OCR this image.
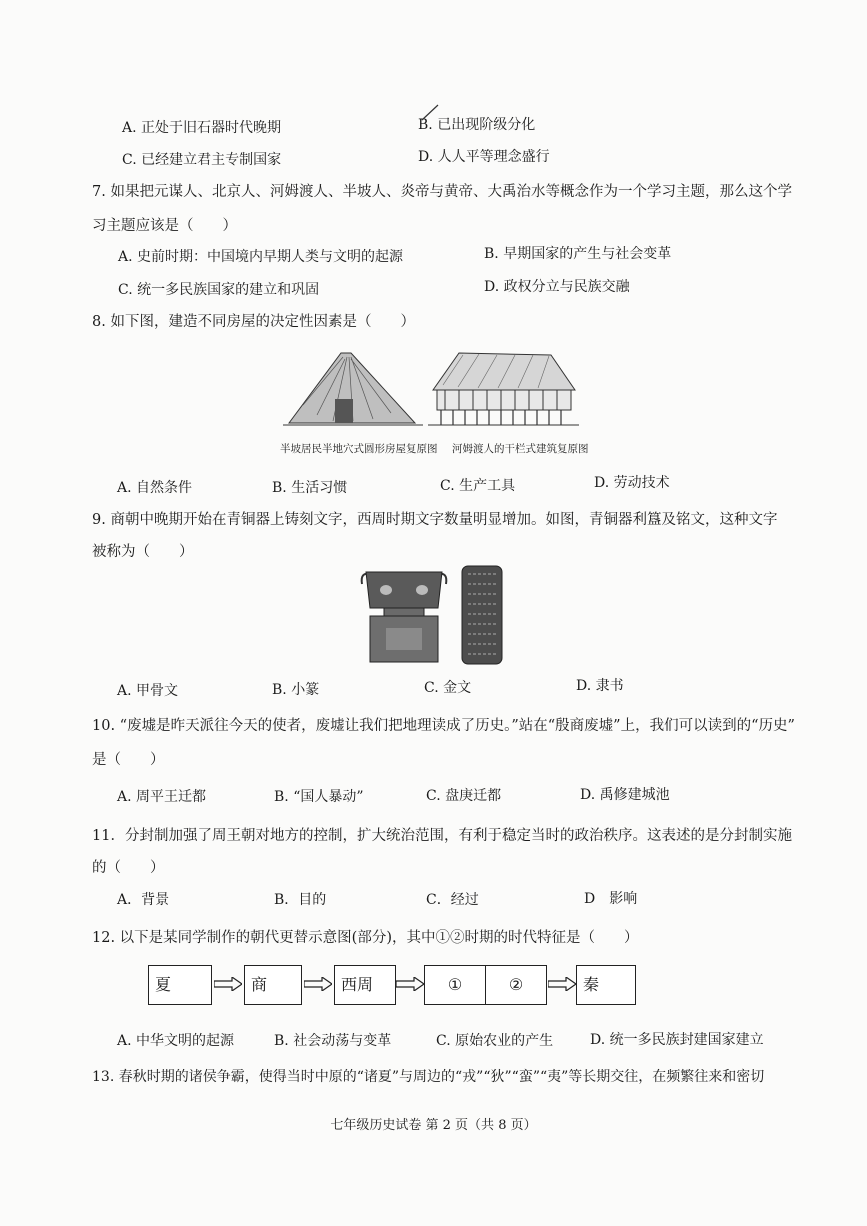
A. 正处于旧石器时代晚期	B. 已出现阶级分化
C. 已经建立君主专制国家	D. 人人平等理念盛行
7. 如果把元谋人、北京人、河姆渡人、半坡人、炎帝与黄帝、大禹治水等概念作为一个学习主题，那么这个学
习主题应该是（　　）
A. 史前时期：中国境内早期人类与文明的起源	B. 早期国家的产生与社会变革
C. 统一多民族国家的建立和巩固	D. 政权分立与民族交融
8. 如下图，建造不同房屋的决定性因素是（　　）
半坡居民半地穴式圆形房屋复原图 河姆渡人的干栏式建筑复原图
A. 自然条件	B. 生活习惯	C. 生产工具	D. 劳动技术
9. 商朝中晚期开始在青铜器上铸刻文字，西周时期文字数量明显增加。如图，青铜器利簋及铭文，这种文字
被称为（　　）
A. 甲骨文	B. 小篆	C. 金文	D. 隶书
10. “废墟是昨天派往今天的使者，废墟让我们把地理读成了历史。”站在“殷商废墟”上，我们可以读到的“历史”
是（　　）
A. 周平王迁都	B. “国人暴动”	C. 盘庚迁都	D. 禹修建城池
11．分封制加强了周王朝对地方的控制，扩大统治范围，有利于稳定当时的政治秩序。这表述的是分封制实施
的（　　）
A．背景	B．目的	C．经过	D　影响
12. 以下是某同学制作的朝代更替示意图(部分)，其中①②时期的时代特征是（　　）
夏	商	西周	①	②	秦
A. 中华文明的起源	B. 社会动荡与变革	C. 原始农业的产生	D. 统一多民族封建国家建立
13. 春秋时期的诸侯争霸，使得当时中原的“诸夏”与周边的“戎”“狄”“蛮”“夷”等长期交往，在频繁往来和密切
七年级历史试卷 第 2 页（共 8 页）
